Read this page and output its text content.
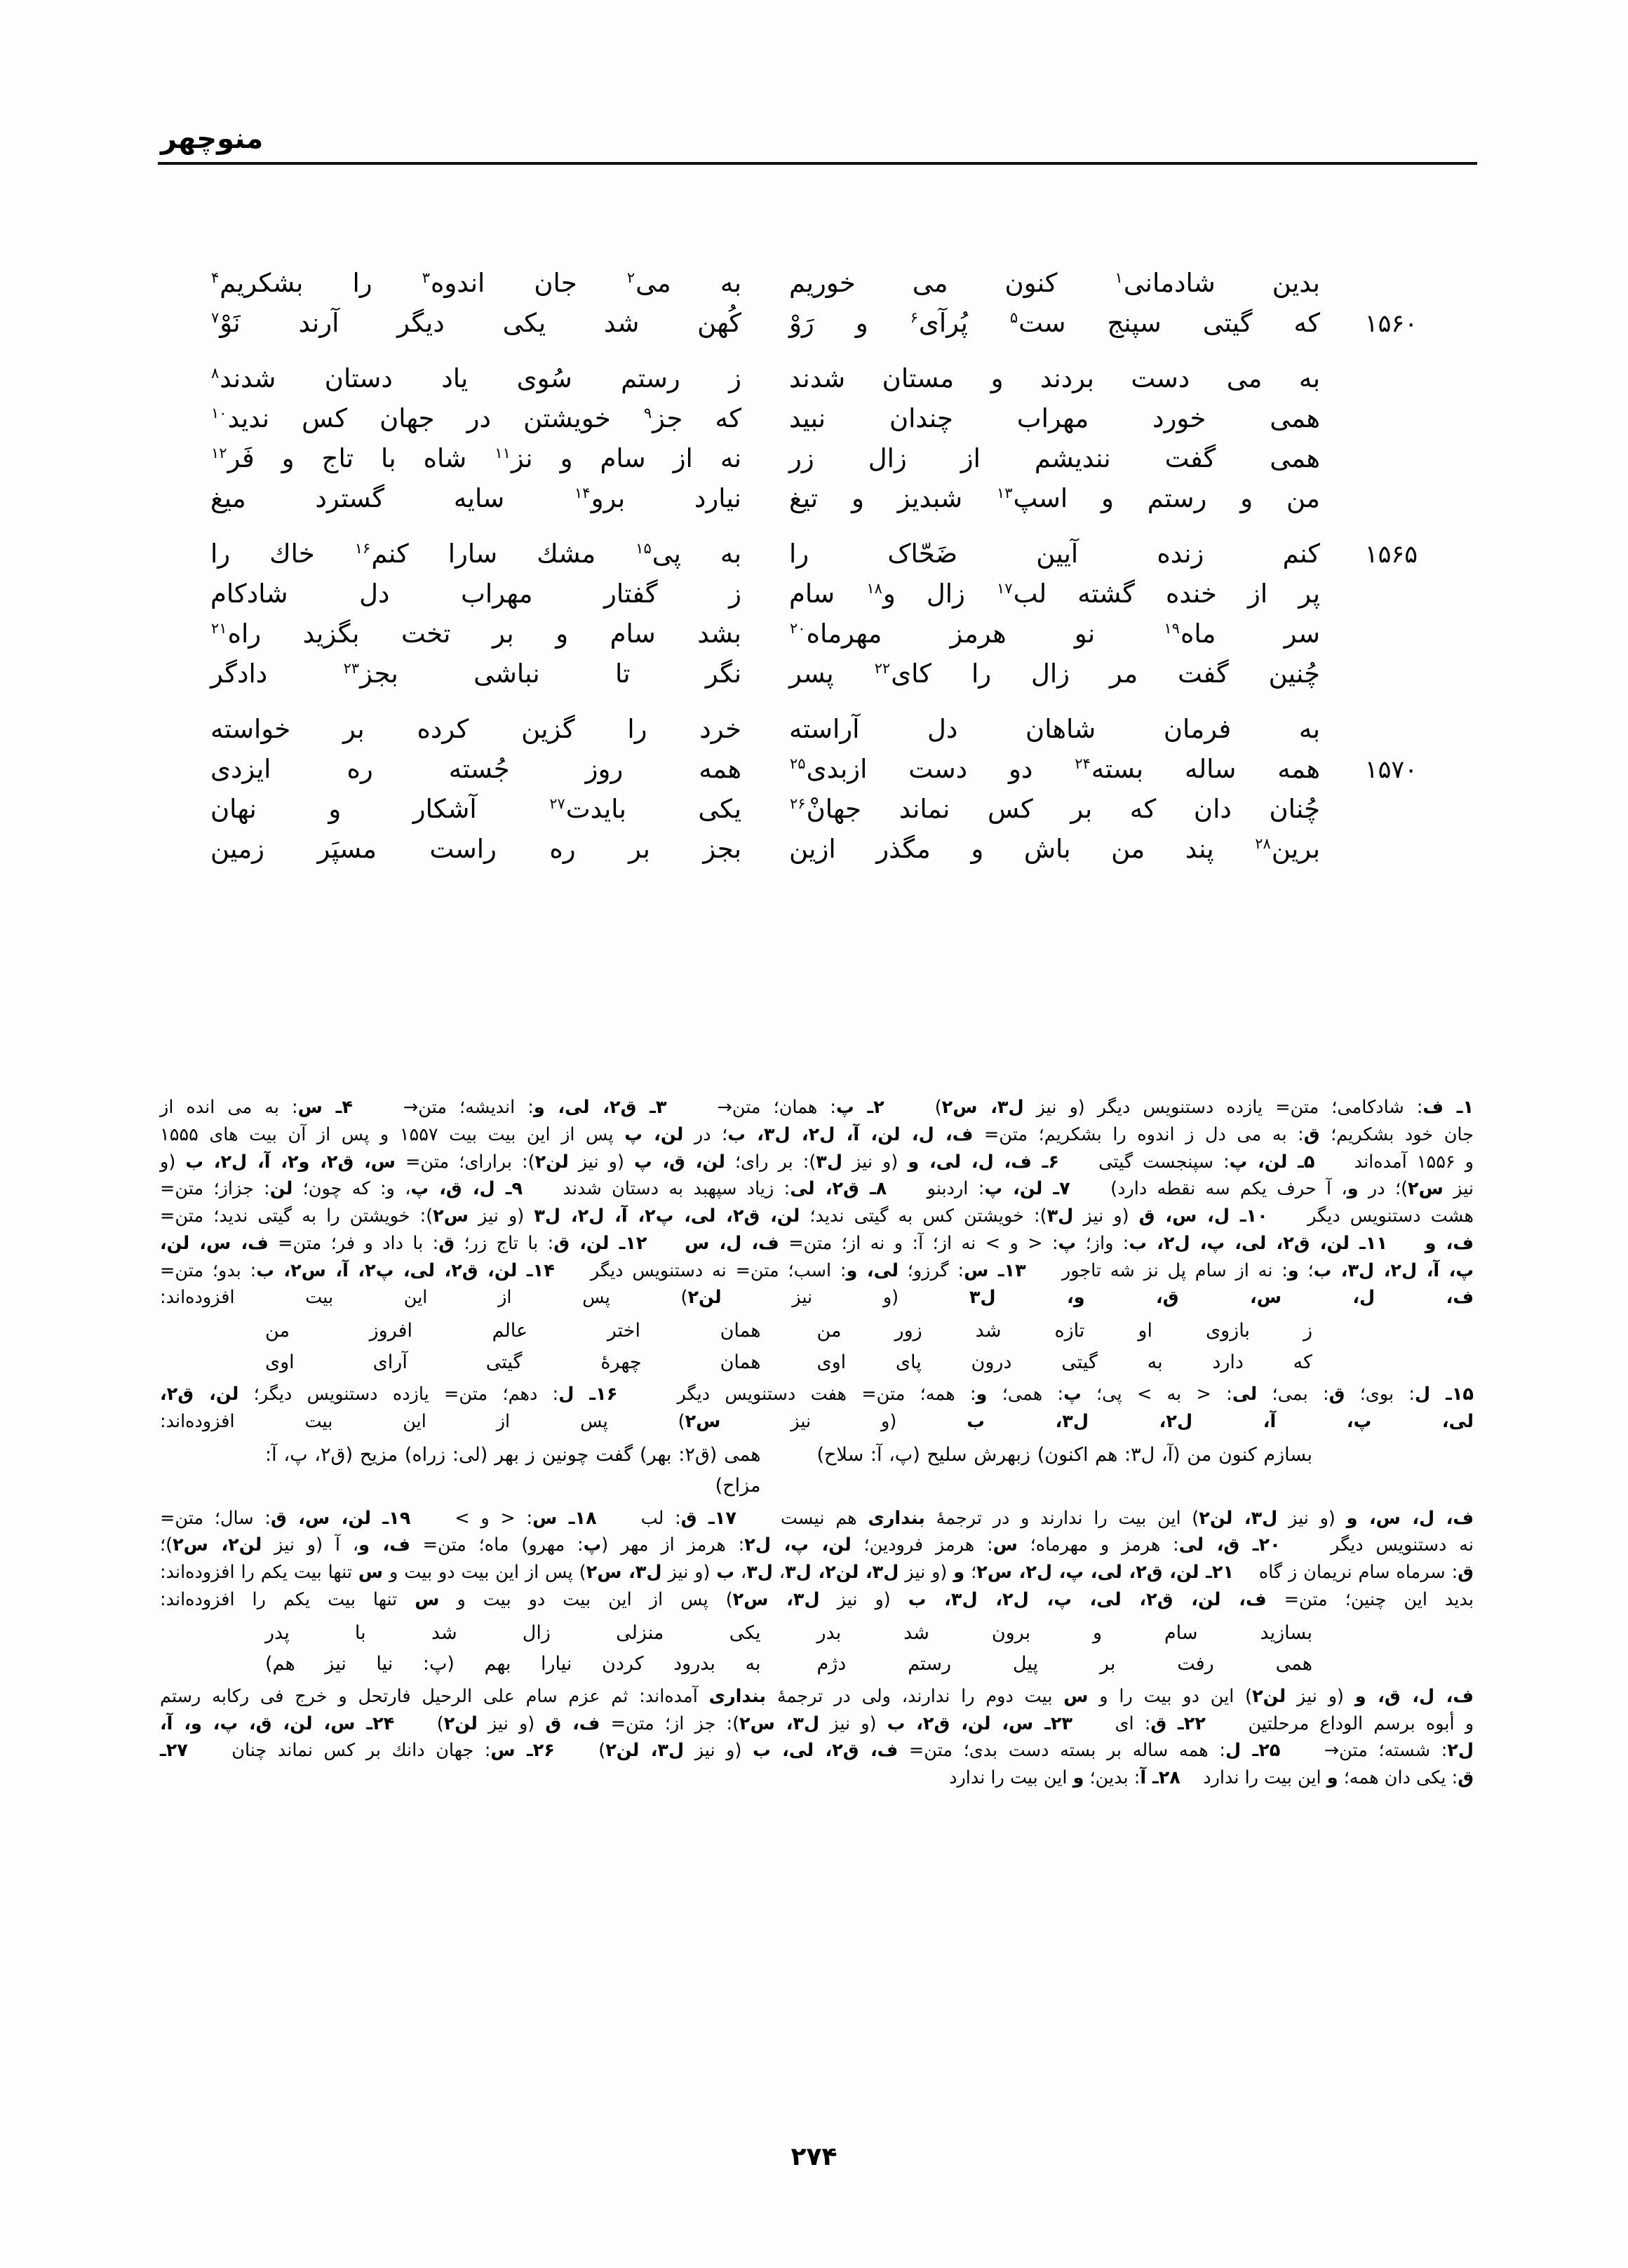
منوچهر
بدین شادمانی$^۱$ کنون می خوریم
به می$^۲$ جان اندوه$^۳$ را بشکریم$^۴$
۱۵۶۰
که گیتی سپنج ست$^۵$ پُرآی$^۶$ و رَوْ
کُهن شد یکی دیگر آرند نَوْ$^۷$
به می دست بردند و مستان شدند
ز رستم سُوی یاد دستان شدند$^۸$
همی خورد مهراب چندان نبید
که جز$^۹$ خویشتن در جهان کس ندید$^{۱۰}$
همی گفت نندیشم از زال زر
نه از سام و نز$^{۱۱}$ شاه با تاج و فَر$^{۱۲}$
من و رستم و اسپ$^{۱۳}$ شبدیز و تیغ
نیارد برو$^{۱۴}$ سایه گسترد میغ
۱۵۶۵
کنم زنده آیین ضَحّاک را
به پی$^{۱۵}$ مشك سارا کنم$^{۱۶}$ خاك را
پر از خنده گشته لب$^{۱۷}$ زال و$^{۱۸}$ سام
ز گفتار مهراب دل شادکام
سر ماه$^{۱۹}$ نو هرمز مهرماه$^{۲۰}$
بشد سام و بر تخت بگزید راه$^{۲۱}$
چُنین گفت مر زال را کای$^{۲۲}$ پسر
نگر تا نباشی بجز$^{۲۳}$ دادگر
به فرمان شاهان دل آراسته
خرد را گزین کرده بر خواسته
۱۵۷۰
همه ساله بسته$^{۲۴}$ دو دست ازبدی$^{۲۵}$
همه روز جُسته ره ایزدی
چُنان دان که بر کس نماند جهانْ$^{۲۶}$
یکی بایدت$^{۲۷}$ آشکار و نهان
برین$^{۲۸}$ پند من باش و مگذر ازین
بجز بر ره راست مسپَر زمین
۱ـ ف: شادکامی؛ متن= یازده دستنویس دیگر (و نیز ل۳، س۲)    ۲ـ پ: همان؛ متن→    ۳ـ ق۲، لی، و: اندیشه؛ متن→    ۴ـ س: به می انده از
جان خود بشکریم؛ ق: به می دل ز اندوه را بشکریم؛ متن= ف، ل، لن، آ، ل۲، ل۳، ب؛ در لن، پ پس از این بیت بیت ۱۵۵۷ و پس از آن بیت های ۱۵۵۵
و ۱۵۵۶ آمده‌اند    ۵ـ لن، پ: سپنجست گیتی    ۶ـ ف، ل، لی، و (و نیز ل۳): بر رای؛ لن، ق، پ (و نیز لن۲): برارای؛ متن= س، ق۲، و۲، آ، ل۲، ب (و
نیز س۲)؛ در و، آ حرف یکم سه نقطه دارد)    ۷ـ لن، پ: اردبنو    ۸ـ ق۲، لی: زیاد سپهبد به دستان شدند    ۹ـ ل، ق، پ، و: که چون؛ لن: جزاز؛ متن=
هشت دستنویس دیگر    ۱۰ـ ل، س، ق (و نیز ل۳): خویشتن کس به گیتی ندید؛ لن، ق۲، لی، پ۲، آ، ل۲، ل۳ (و نیز س۲): خویشتن را به گیتی ندید؛ متن=
ف، و    ۱۱ـ لن، ق۲، لی، پ، ل۲، ب: واز؛ پ: < و > نه از؛ آ: و نه از؛ متن= ف، ل، س    ۱۲ـ لن، ق: با تاج زر؛ ق: با داد و فر؛ متن= ف، س، لن،
پ، آ، ل۲، ل۳، ب؛ و: نه از سام پل نز شه تاجور    ۱۳ـ س: گرزو؛ لی، و: اسب؛ متن= نه دستنویس دیگر    ۱۴ـ لن، ق۲، لی، پ۲، آ، س۲، ب: بدو؛ متن=
ف، ل، س، ق، و، ل۳ (و نیز لن۲) پس از این بیت افزوده‌اند:
ز بازوی او تازه شد زور من
همان اختر عالم افروز من
که دارد به گیتی درون پای اوی
همان چهرهٔ گیتی آرای اوی
۱۵ـ ل: بوی؛ ق: بمی؛ لی: < به > پی؛ پ: همی؛ و: همه؛ متن= هفت دستنویس دیگر    ۱۶ـ ل: دهم؛ متن= یازده دستنویس دیگر؛ لن، ق۲،
لی، پ، آ، ل۲، ل۳، ب (و نیز س۲) پس از این بیت افزوده‌اند:
بسازم کنون من (آ، ل۳: هم اکنون) زبهرش سلیح (پ، آ: سلاح)
همی (ق۲: بهر) گفت چونین ز بهر (لی: زراه) مزیح (ق۲، پ، آ: مزاح)
ف، ل، س، و (و نیز ل۳، لن۲) این بیت را ندارند و در ترجمهٔ بنداری هم نیست    ۱۷ـ ق: لب    ۱۸ـ س: < و >    ۱۹ـ لن، س، ق: سال؛ متن=
نه دستنویس دیگر    ۲۰ـ ق، لی: هرمز و مهرماه؛ س: هرمز فرودین؛ لن، پ، ل۲: هرمز از مهر (پ: مهرو) ماه؛ متن= ف، و، آ (و نیز لن۲، س۲)؛
ق: سرماه سام نریمان ز گاه    ۲۱ـ لن، ق۲، لی، پ، ل۲، س۲؛ و (و نیز ل۳، لن۲، ل۳، ل۳، ب (و نیز ل۳، س۲) پس از این بیت دو بیت و س تنها بیت یکم را افزوده‌اند:
بدید این چنین؛ متن= ف، لن، ق۲، لی، پ، ل۲، ل۳، ب (و نیز ل۳، س۲) پس از این بیت دو بیت و س تنها بیت یکم را افزوده‌اند:
بسازید سام و برون شد بدر
یکی منزلی زال شد با پدر
همی رفت بر پیل رستم دژم
به بدرود کردن نیارا بهم (پ: نیا نیز هم)
ف، ل، ق، و (و نیز لن۲) این دو بیت را و س بیت دوم را ندارند، ولی در ترجمهٔ بنداری آمده‌اند: ثم عزم سام علی الرحیل فارتحل و خرج فی رکابه رستم
و أبوه برسم الوداع مرحلتین    ۲۲ـ ق: ای    ۲۳ـ س، لن، ق۲، ب (و نیز ل۳، س۲): جز از؛ متن= ف، ق (و نیز لن۲)    ۲۴ـ س، لن، ق، پ، و، آ،
ل۲: شسته؛ متن→    ۲۵ـ ل: همه ساله بر بسته دست بدی؛ متن= ف، ق۲، لی، ب (و نیز ل۳، لن۲)    ۲۶ـ س: جهان دانك بر كس نماند چنان    ۲۷ـ
ق: یکی دان همه؛ و این بیت را ندارد    ۲۸ـ آ: بدین؛ و این بیت را ندارد
۲۷۴
